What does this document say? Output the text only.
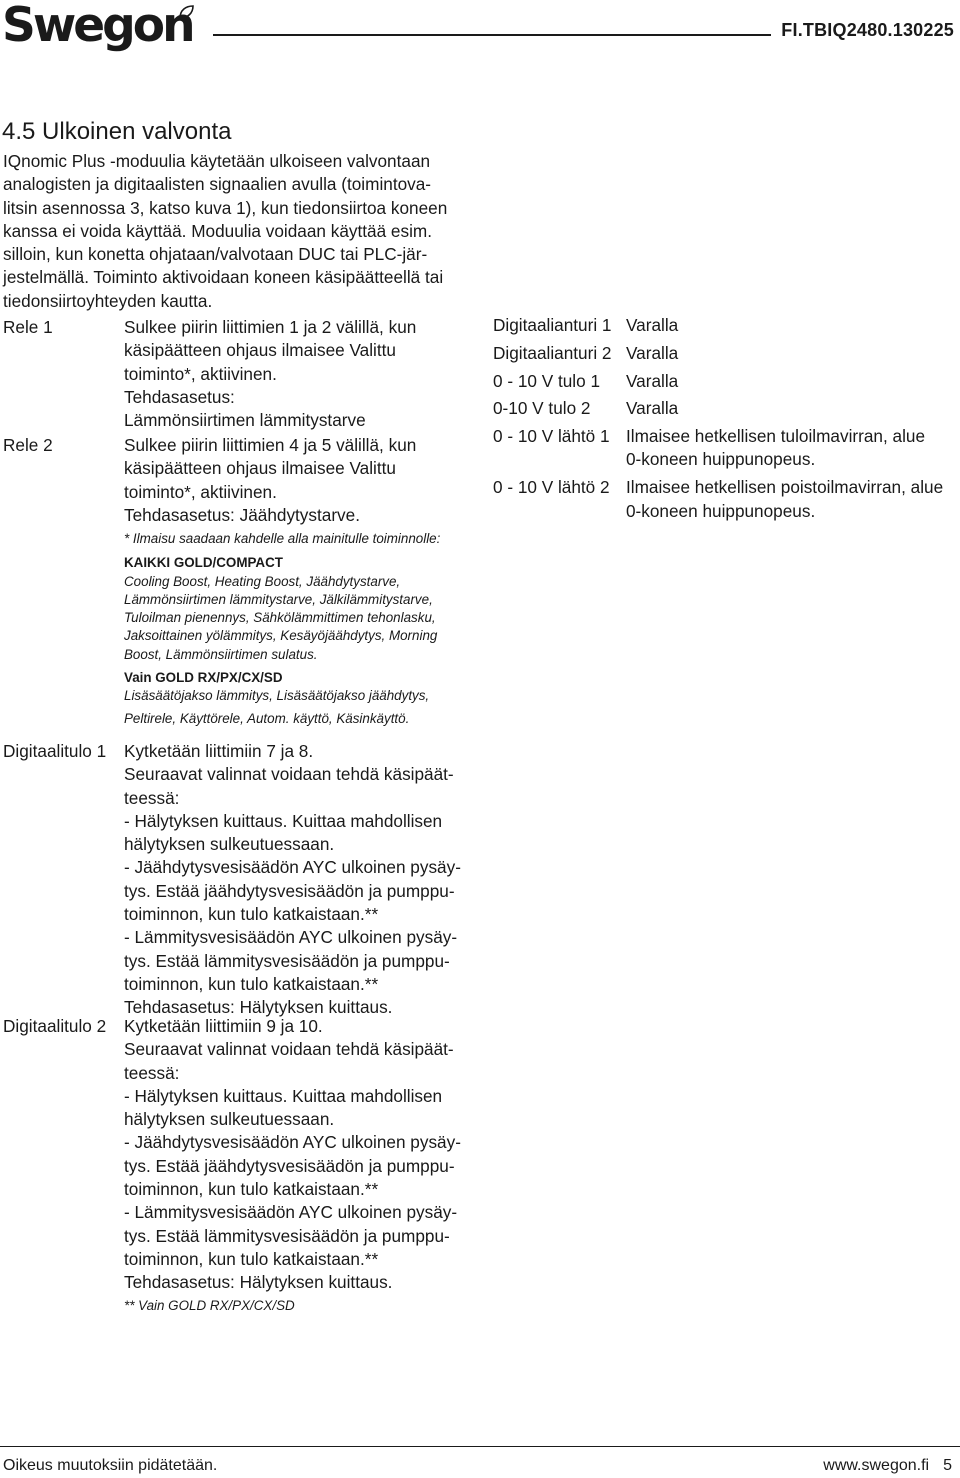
Swegon	FI.TBIQ2480.130225
4.5 Ulkoinen valvonta
IQnomic Plus -moduulia käytetään ulkoiseen valvontaan
analogisten ja digitaalisten signaalien avulla (toimintova-
litsin asennossa 3, katso kuva 1), kun tiedonsiirtoa koneen
kanssa ei voida käyttää. Moduulia voidaan käyttää esim.
silloin, kun konetta ohjataan/valvotaan DUC tai PLC-jär-
jestelmällä. Toiminto aktivoidaan koneen käsipäätteellä tai
tiedonsiirtoyhteyden kautta.
Rele 1	Sulkee piirin liittimien 1 ja 2 välillä, kun
käsipäätteen ohjaus ilmaisee Valittu
toiminto*, aktiivinen.
Tehdasasetus:
Lämmönsiirtimen lämmitystarve
Rele 2	Sulkee piirin liittimien 4 ja 5 välillä, kun
käsipäätteen ohjaus ilmaisee Valittu
toiminto*, aktiivinen.
Tehdasasetus: Jäähdytystarve.
* Ilmaisu saadaan kahdelle alla mainitulle toiminnolle:
KAIKKI GOLD/COMPACT
Cooling Boost, Heating Boost, Jäähdytystarve,
Lämmönsiirtimen lämmitystarve, Jälkilämmitystarve,
Tuloilman pienennys, Sähkölämmittimen tehonlasku,
Jaksoittainen yölämmitys, Kesäyöjäähdytys, Morning
Boost, Lämmönsiirtimen sulatus.
Vain GOLD RX/PX/CX/SD
Lisäsäätöjakso lämmitys, Lisäsäätöjakso jäähdytys,
Peltirele, Käyttörele, Autom. käyttö, Käsinkäyttö.
Digitaalitulo 1 Kytketään liittimiin 7 ja 8.
Seuraavat valinnat voidaan tehdä käsipäät-
teessä:
- Hälytyksen kuittaus. Kuittaa mahdollisen
hälytyksen sulkeutuessaan.
- Jäähdytysvesisäädön AYC ulkoinen pysäy-
tys. Estää jäähdytysvesisäädön ja pumppu-
toiminnon, kun tulo katkaistaan.**
- Lämmitysvesisäädön AYC ulkoinen pysäy-
tys. Estää lämmitysvesisäädön ja pumppu-
toiminnon, kun tulo katkaistaan.**
Tehdasasetus: Hälytyksen kuittaus.
Digitaalitulo 2 Kytketään liittimiin 9 ja 10.
Seuraavat valinnat voidaan tehdä käsipäät-
teessä:
- Hälytyksen kuittaus. Kuittaa mahdollisen
hälytyksen sulkeutuessaan.
- Jäähdytysvesisäädön AYC ulkoinen pysäy-
tys. Estää jäähdytysvesisäädön ja pumppu-
toiminnon, kun tulo katkaistaan.**
- Lämmitysvesisäädön AYC ulkoinen pysäy-
tys. Estää lämmitysvesisäädön ja pumppu-
toiminnon, kun tulo katkaistaan.**
Tehdasasetus: Hälytyksen kuittaus.
** Vain GOLD RX/PX/CX/SD
Digitaalianturi 1 Varalla
Digitaalianturi 2 Varalla
0 - 10 V tulo 1	Varalla
0-10 V tulo 2	Varalla
0 - 10 V lähtö 1 Ilmaisee hetkellisen tuloilmavirran, alue
0-koneen huippunopeus.
0 - 10 V lähtö 2 Ilmaisee hetkellisen poistoilmavirran, alue
0-koneen huippunopeus.
Oikeus muutoksiin pidätetään.	www.swegon.fi 5
